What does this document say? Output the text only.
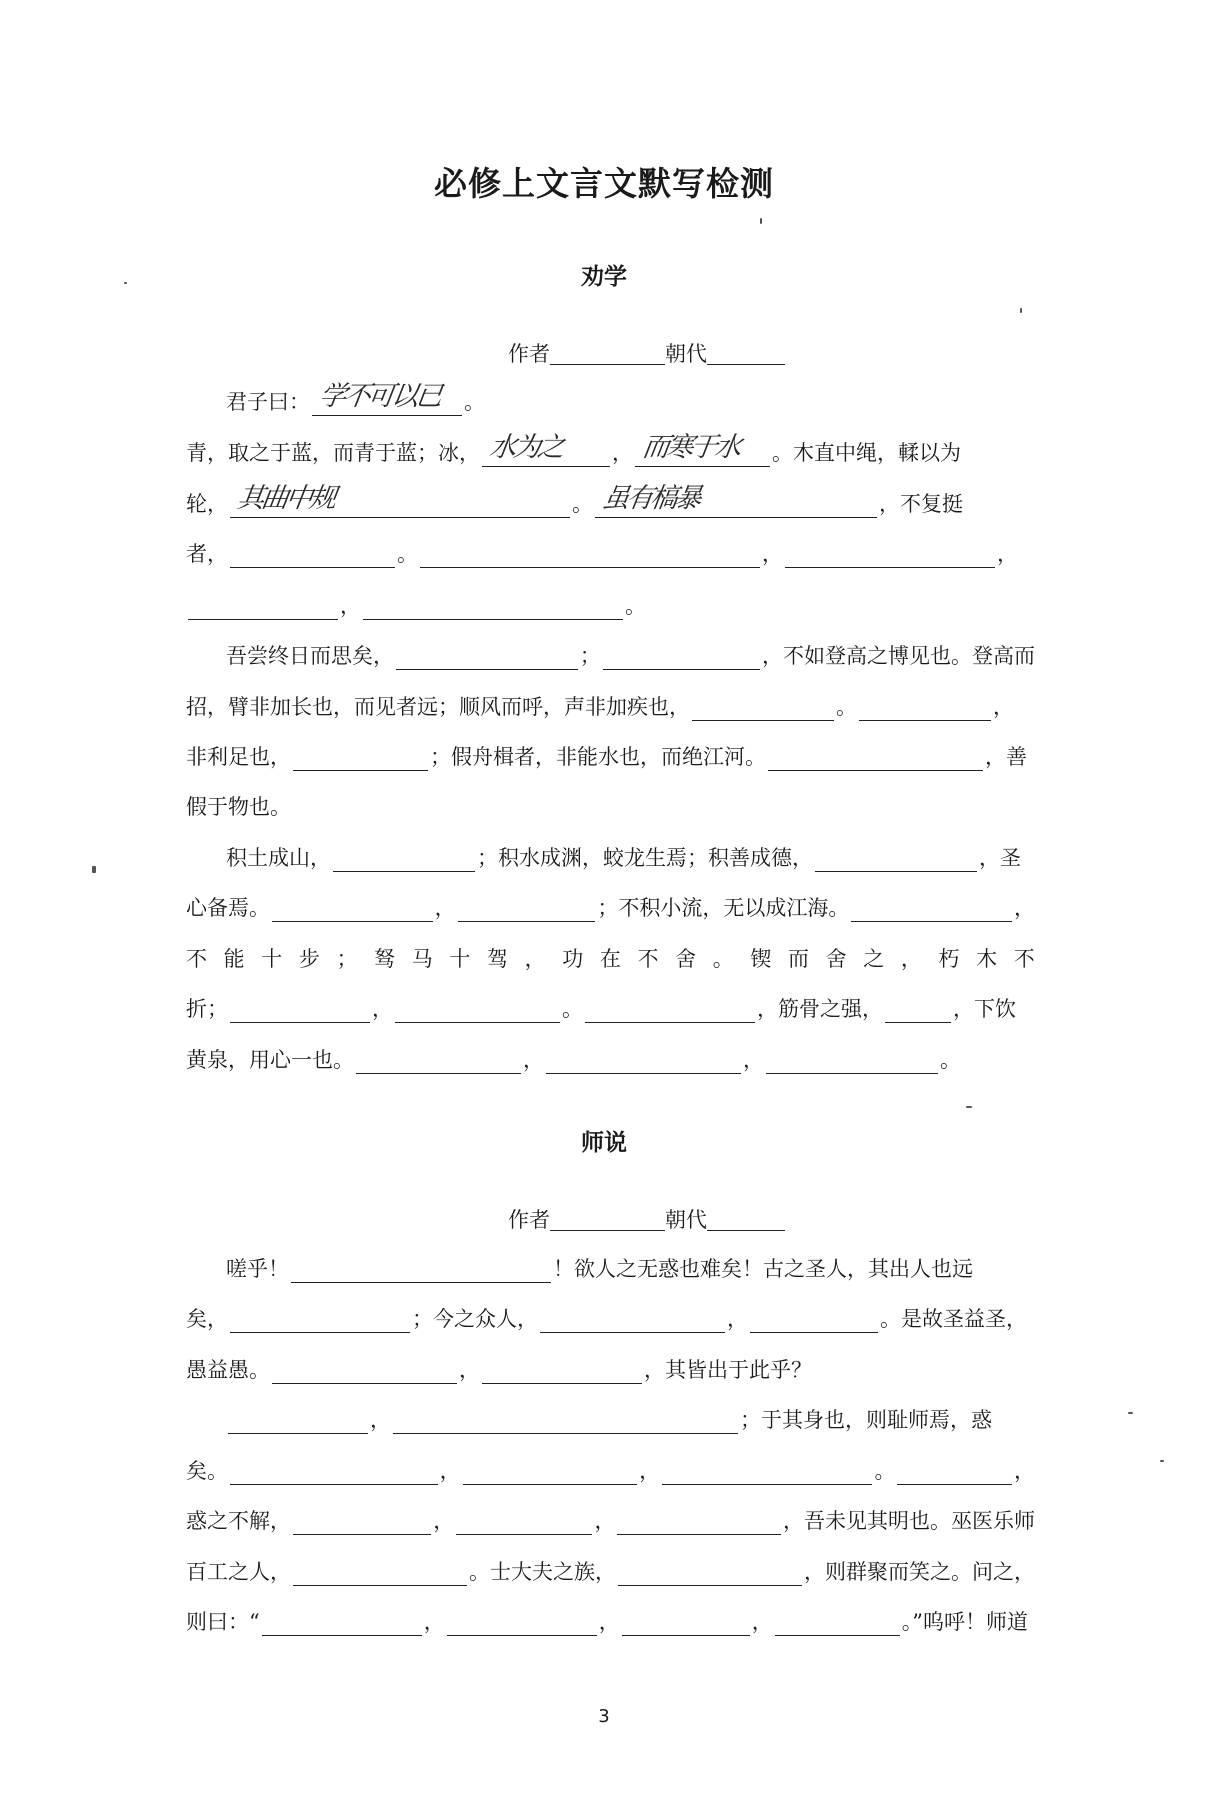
必修上文言文默写检测
劝学
作者	朝代
君子曰： 学不可以已 。
青，取之于蓝，而青于蓝；冰， 水为之 ， 而寒于水 。木直中绳，輮以为
轮， 其曲中规	。 虽有槁暴	，不复挺
者，	。	，	，
，	。
吾尝终日而思矣，	；	，不如登高之博见也。登高而
招，臂非加长也，而见者远；顺风而呼，声非加疾也，	。	，
非利足也，	；假舟楫者，非能水也，而绝江河。	，善
假于物也。
积土成山，	；积水成渊，蛟龙生焉；积善成德，	，圣
心备焉。	，	；不积小流，无以成江海。	，
不 能 十 步 ； 驽 马 十 驾 ， 功 在 不 舍 。 锲 而 舍 之 ， 朽 木 不
折；	，	。	，筋骨之强，	，下饮
黄泉，用心一也。	，	，	。
师说
作者	朝代
嗟乎！	！欲人之无惑也难矣！古之圣人，其出人也远
矣，	；今之众人，	，	。是故圣益圣，
愚益愚。	，	，其皆出于此乎？
，	；于其身也，则耻师焉，惑
矣。	，	，	。	，
惑之不解，	，	，	，吾未见其明也。巫医乐师
百工之人，	。士大夫之族，	，则群聚而笑之。问之，
则曰：“	，	，	，	。”呜呼！师道
3
